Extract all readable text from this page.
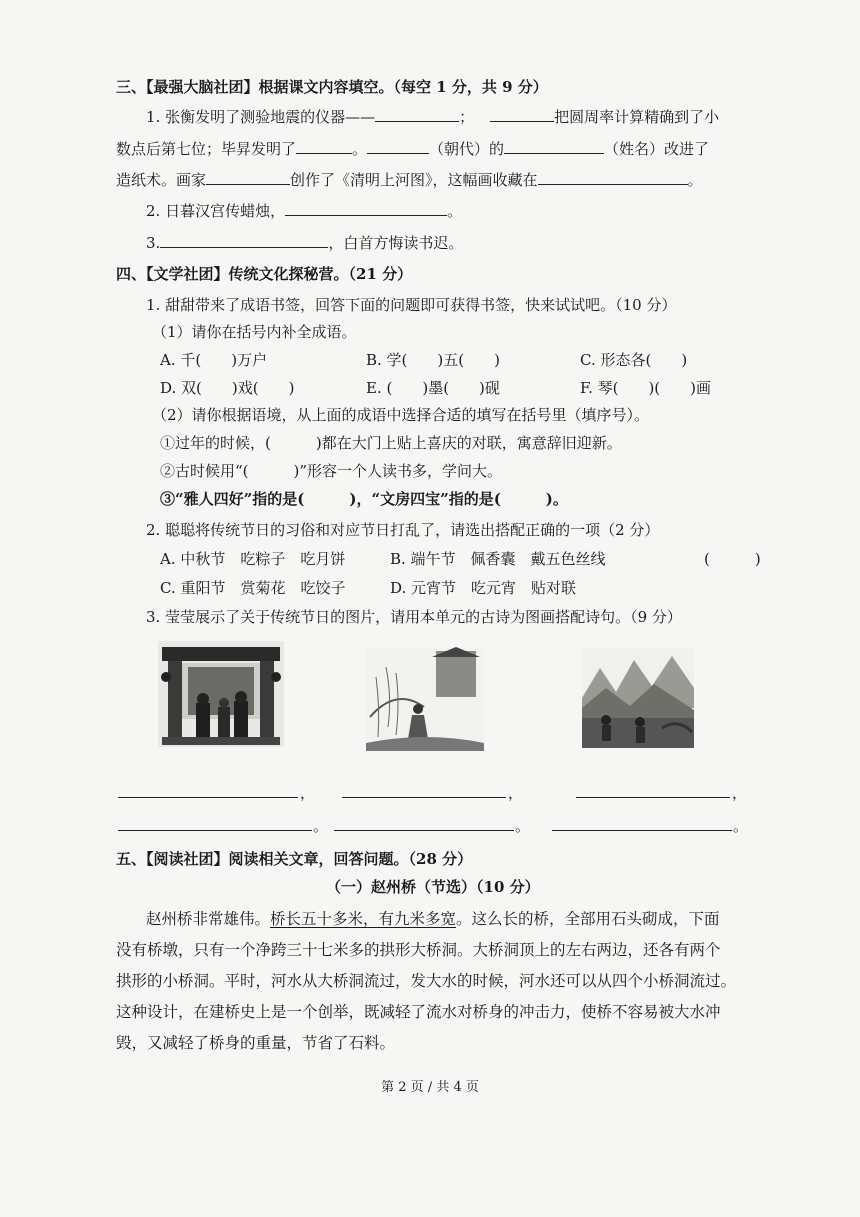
三、【最强大脑社团】根据课文内容填空。（每空 1 分，共 9 分）
1. 张衡发明了测验地震的仪器——	；	把圆周率计算精确到了小
数点后第七位；毕昇发明了	。	（朝代）的	（姓名）改进了
造纸术。画家	创作了《清明上河图》，这幅画收藏在	。
2. 日暮汉宫传蜡烛，	。
3.	，白首方悔读书迟。
四、【文学社团】传统文化探秘营。（21 分）
1. 甜甜带来了成语书签，回答下面的问题即可获得书签，快来试试吧。（10 分）
（1）请你在括号内补全成语。
A. 千(　　)万户	B. 学(　　)五(　　)	C. 形态各(　　)
D. 双(　　)戏(　　)	E. (　　)墨(　　)砚	F. 琴(　　)(　　)画
（2）请你根据语境，从上面的成语中选择合适的填写在括号里（填序号）。
①过年的时候，(　　　)都在大门上贴上喜庆的对联，寓意辞旧迎新。
②古时候用“(　　　)”形容一个人读书多，学问大。
③“雅人四好”指的是(　　　)，“文房四宝”指的是(　　　)。
2. 聪聪将传统节日的习俗和对应节日打乱了，请选出搭配正确的一项（2 分）
A. 中秋节　吃粽子　吃月饼	B. 端午节　佩香囊　戴五色丝线	(　　　)
C. 重阳节　赏菊花　吃饺子	D. 元宵节　吃元宵　贴对联
3. 莹莹展示了关于传统节日的图片，请用本单元的古诗为图画搭配诗句。（9 分）
，	，	，
。	。	。
五、【阅读社团】阅读相关文章，回答问题。（28 分）
（一）赵州桥（节选）（10 分）
赵州桥非常雄伟。桥长五十多米，有九米多宽。这么长的桥，全部用石头砌成，下面
没有桥墩，只有一个净跨三十七米多的拱形大桥洞。大桥洞顶上的左右两边，还各有两个
拱形的小桥洞。平时，河水从大桥洞流过，发大水的时候，河水还可以从四个小桥洞流过。
这种设计，在建桥史上是一个创举，既减轻了流水对桥身的冲击力，使桥不容易被大水冲
毁，又减轻了桥身的重量，节省了石料。
第 2 页 / 共 4 页
